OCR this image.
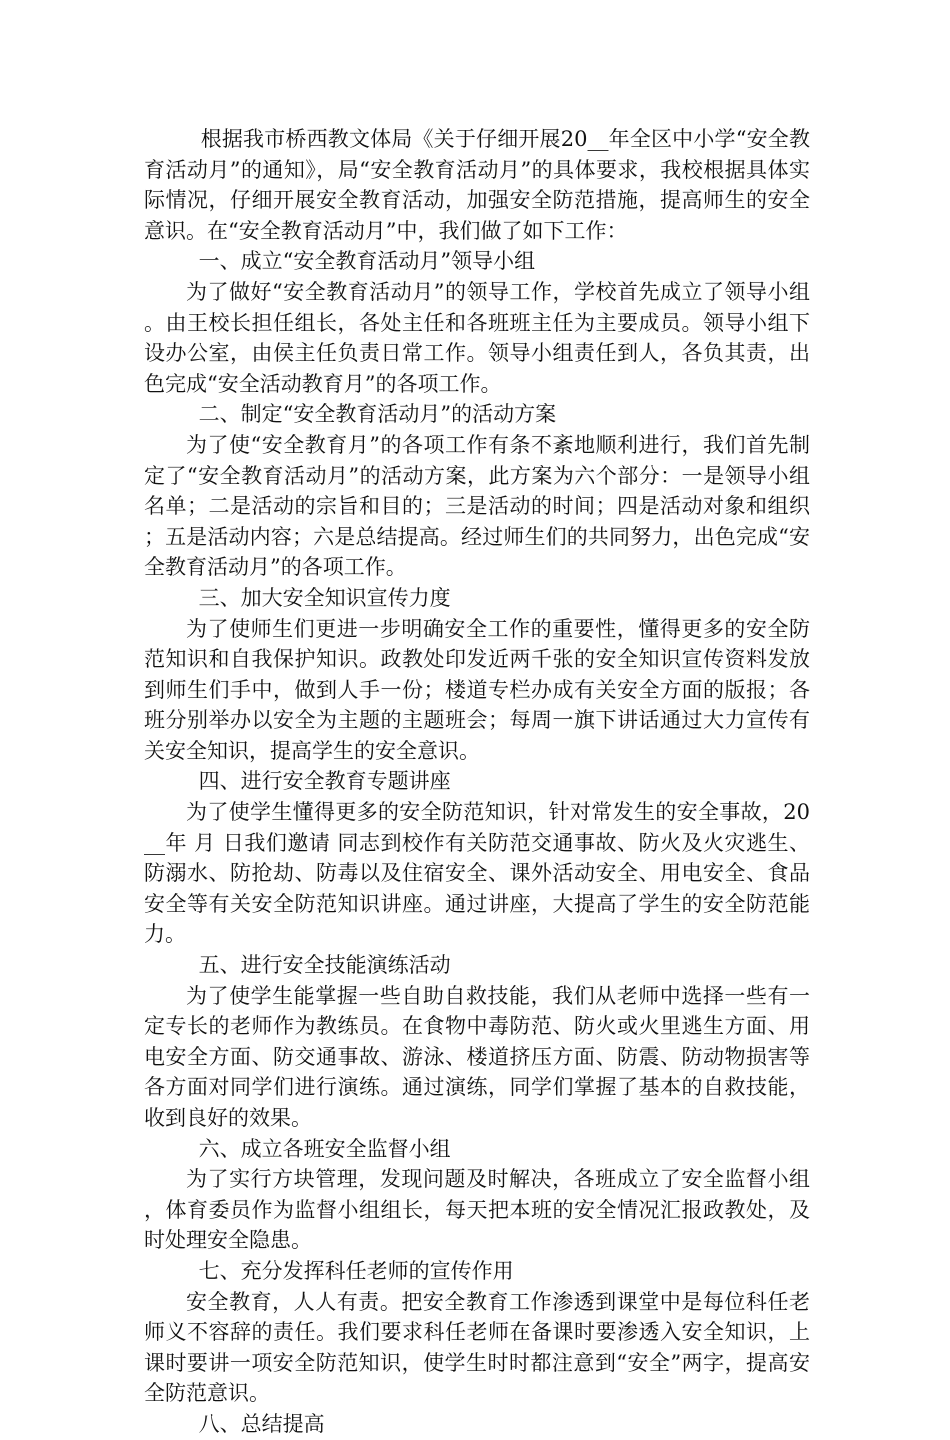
根据我市桥西教文体局《关于仔细开展20__年全区中小学“安全教育活动月”的通知》，局“安全教育活动月”的具体要求，我校根据具体实际情况，仔细开展安全教育活动，加强安全防范措施，提高师生的安全意识。在“安全教育活动月”中，我们做了如下工作：

一、成立“安全教育活动月”领导小组

为了做好“安全教育活动月”的领导工作，学校首先成立了领导小组。由王校长担任组长，各处主任和各班班主任为主要成员。领导小组下设办公室，由侯主任负责日常工作。领导小组责任到人，各负其责，出色完成“安全活动教育月”的各项工作。

二、制定“安全教育活动月”的活动方案

为了使“安全教育月”的各项工作有条不紊地顺利进行，我们首先制定了“安全教育活动月”的活动方案，此方案为六个部分：一是领导小组名单；二是活动的宗旨和目的；三是活动的时间；四是活动对象和组织；五是活动内容；六是总结提高。经过师生们的共同努力，出色完成“安全教育活动月”的各项工作。

三、加大安全知识宣传力度

为了使师生们更进一步明确安全工作的重要性，懂得更多的安全防范知识和自我保护知识。政教处印发近两千张的安全知识宣传资料发放到师生们手中，做到人手一份；楼道专栏办成有关安全方面的版报；各班分别举办以安全为主题的主题班会；每周一旗下讲话通过大力宣传有关安全知识，提高学生的安全意识。

四、进行安全教育专题讲座

为了使学生懂得更多的安全防范知识，针对常发生的安全事故，20__年 月 日我们邀请 同志到校作有关防范交通事故、防火及火灾逃生、防溺水、防抢劫、防毒以及住宿安全、课外活动安全、用电安全、食品安全等有关安全防范知识讲座。通过讲座，大提高了学生的安全防范能力。

五、进行安全技能演练活动

为了使学生能掌握一些自助自救技能，我们从老师中选择一些有一定专长的老师作为教练员。在食物中毒防范、防火或火里逃生方面、用电安全方面、防交通事故、游泳、楼道挤压方面、防震、防动物损害等各方面对同学们进行演练。通过演练，同学们掌握了基本的自救技能，收到良好的效果。

六、成立各班安全监督小组

为了实行方块管理，发现问题及时解决，各班成立了安全监督小组，体育委员作为监督小组组长，每天把本班的安全情况汇报政教处，及时处理安全隐患。

七、充分发挥科任老师的宣传作用

安全教育，人人有责。把安全教育工作渗透到课堂中是每位科任老师义不容辞的责任。我们要求科任老师在备课时要渗透入安全知识，上课时要讲一项安全防范知识，使学生时时都注意到“安全”两字，提高安全防范意识。

八、总结提高
